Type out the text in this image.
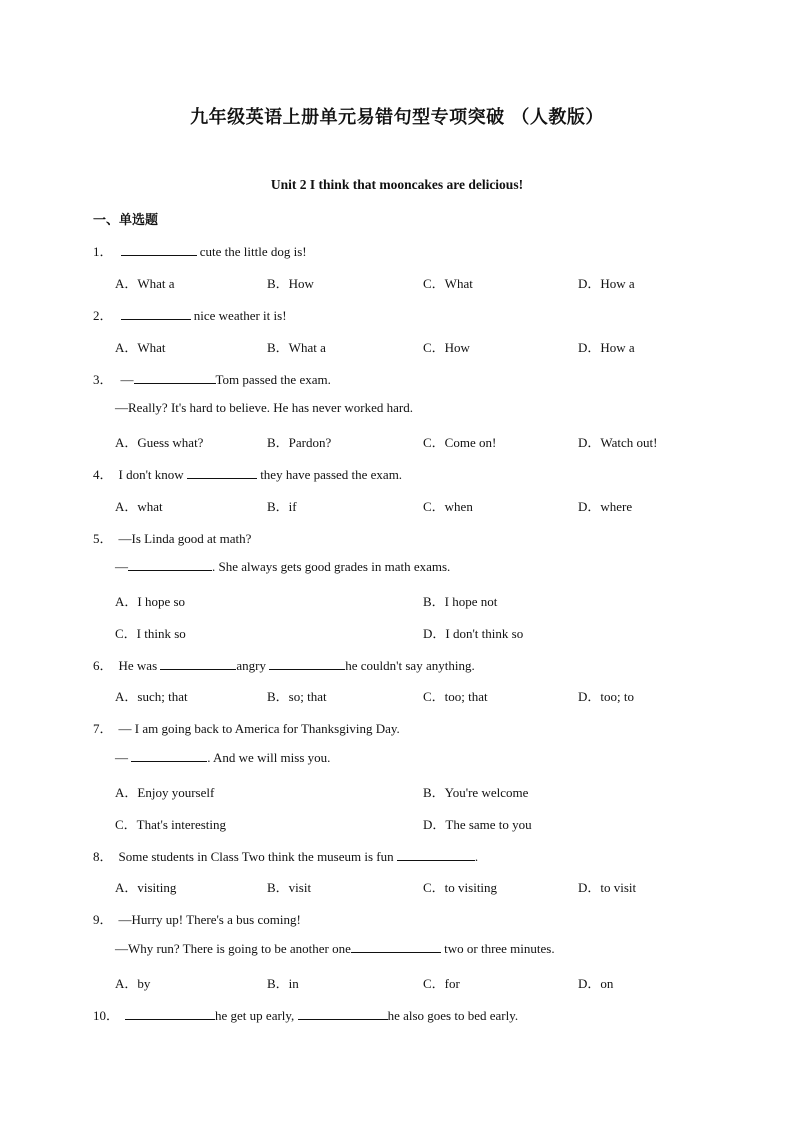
九年级英语上册单元易错句型专项突破 （人教版）
Unit 2 I think that mooncakes are delicious!
一、单选题
1．	cute the little dog is!
A．What a	B．How	C．What	D．How a
2．	nice weather it is!
A．What	B．What a	C．How	D．How a
3． —	Tom passed the exam.
—Really? It's hard to believe. He has never worked hard.
A．Guess what?	B．Pardon?	C．Come on!	D．Watch out!
4． I don't know	they have passed the exam.
A．what	B．if	C．when	D．where
5． —Is Linda good at math?
—	. She always gets good grades in math exams.
A．I hope so	B．I hope not
C．I think so	D．I don't think so
6． He was	angry	he couldn't say anything.
A．such; that	B．so; that	C．too; that	D．too; to
7． — I am going back to America for Thanksgiving Day.
—	. And we will miss you.
A．Enjoy yourself	B．You're welcome
C．That's interesting	D．The same to you
8． Some students in Class Two think the museum is fun	.
A．visiting	B．visit	C．to visiting	D．to visit
9． —Hurry up! There's a bus coming!
—Why run? There is going to be another one	two or three minutes.
A．by	B．in	C．for	D．on
10．	he get up early,	he also goes to bed early.
